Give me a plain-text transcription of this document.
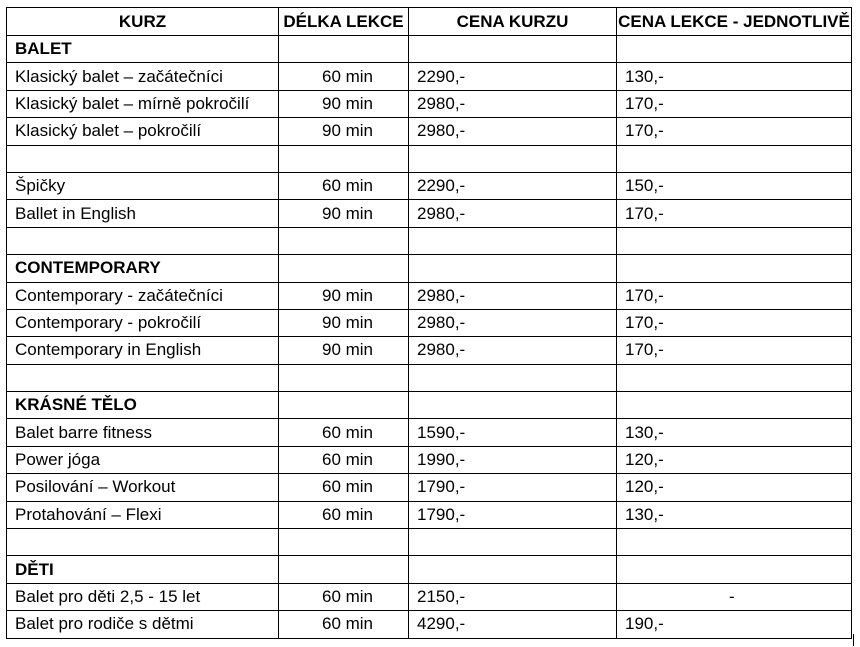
KURZ	DÉLKA LEKCE	CENA KURZU	CENA LEKCE - JEDNOTLIVĚ
BALET			
Klasický balet – začátečníci	60 min	2290,-	130,-
Klasický balet – mírně pokročilí	90 min	2980,-	170,-
Klasický balet – pokročilí	90 min	2980,-	170,-

Špičky	60 min	2290,-	150,-
Ballet in English	90 min	2980,-	170,-

CONTEMPORARY			
Contemporary - začátečníci	90 min	2980,-	170,-
Contemporary - pokročilí	90 min	2980,-	170,-
Contemporary in English	90 min	2980,-	170,-

KRÁSNÉ TĚLO			
Balet barre fitness	60 min	1590,-	130,-
Power jóga	60 min	1990,-	120,-
Posilování – Workout	60 min	1790,-	120,-
Protahování – Flexi	60 min	1790,-	130,-

DĚTI			
Balet pro děti 2,5 - 15 let	60 min	2150,-	-
Balet pro rodiče s dětmi	60 min	4290,-	190,-
